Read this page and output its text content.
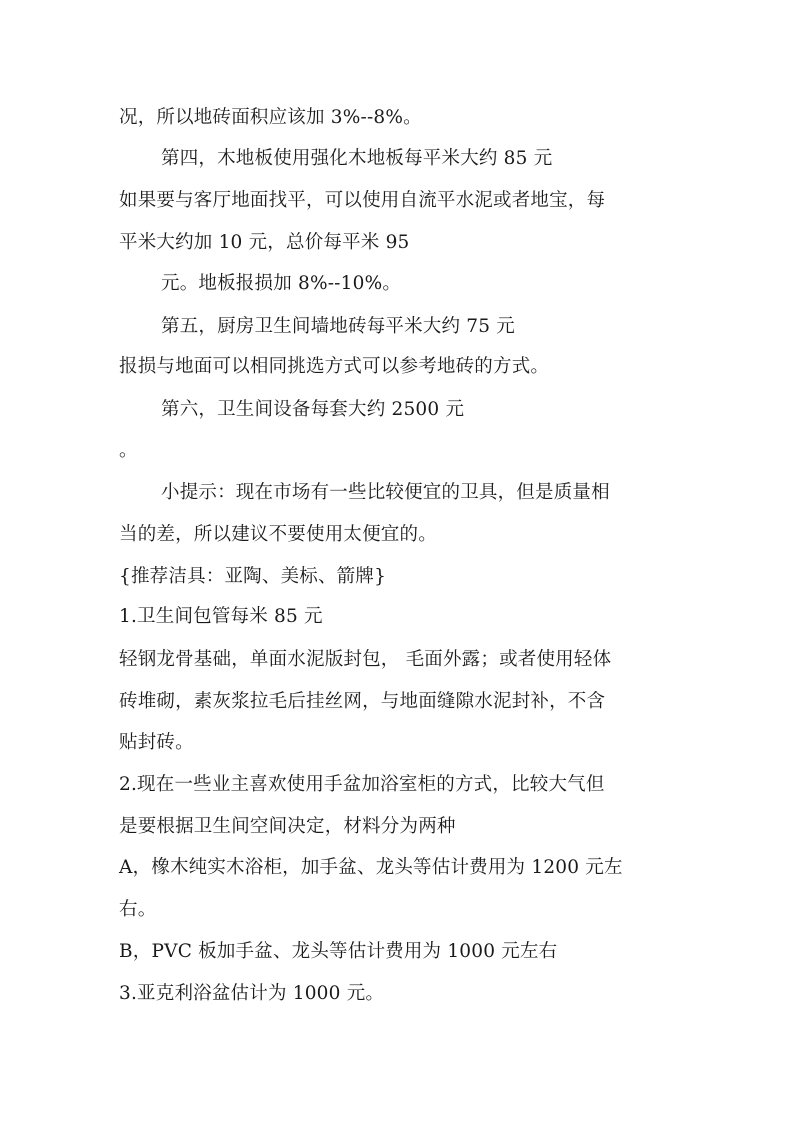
况，所以地砖面积应该加 3%--8%。
第四，木地板使用强化木地板每平米大约 85 元
如果要与客厅地面找平，可以使用自流平水泥或者地宝，每
平米大约加 10 元，总价每平米 95
元。地板报损加 8%--10%。
第五，厨房卫生间墙地砖每平米大约 75 元
报损与地面可以相同挑选方式可以参考地砖的方式。
第六，卫生间设备每套大约 2500 元
。
小提示：现在市场有一些比较便宜的卫具，但是质量相
当的差，所以建议不要使用太便宜的。
{推荐洁具：亚陶、美标、箭牌}
1.卫生间包管每米 85 元
轻钢龙骨基础，单面水泥版封包， 毛面外露；或者使用轻体
砖堆砌，素灰浆拉毛后挂丝网，与地面缝隙水泥封补，不含
贴封砖。
2.现在一些业主喜欢使用手盆加浴室柜的方式，比较大气但
是要根据卫生间空间决定，材料分为两种
A，橡木纯实木浴柜，加手盆、龙头等估计费用为 1200 元左
右。
B，PVC 板加手盆、龙头等估计费用为 1000 元左右
3.亚克利浴盆估计为 1000 元。
